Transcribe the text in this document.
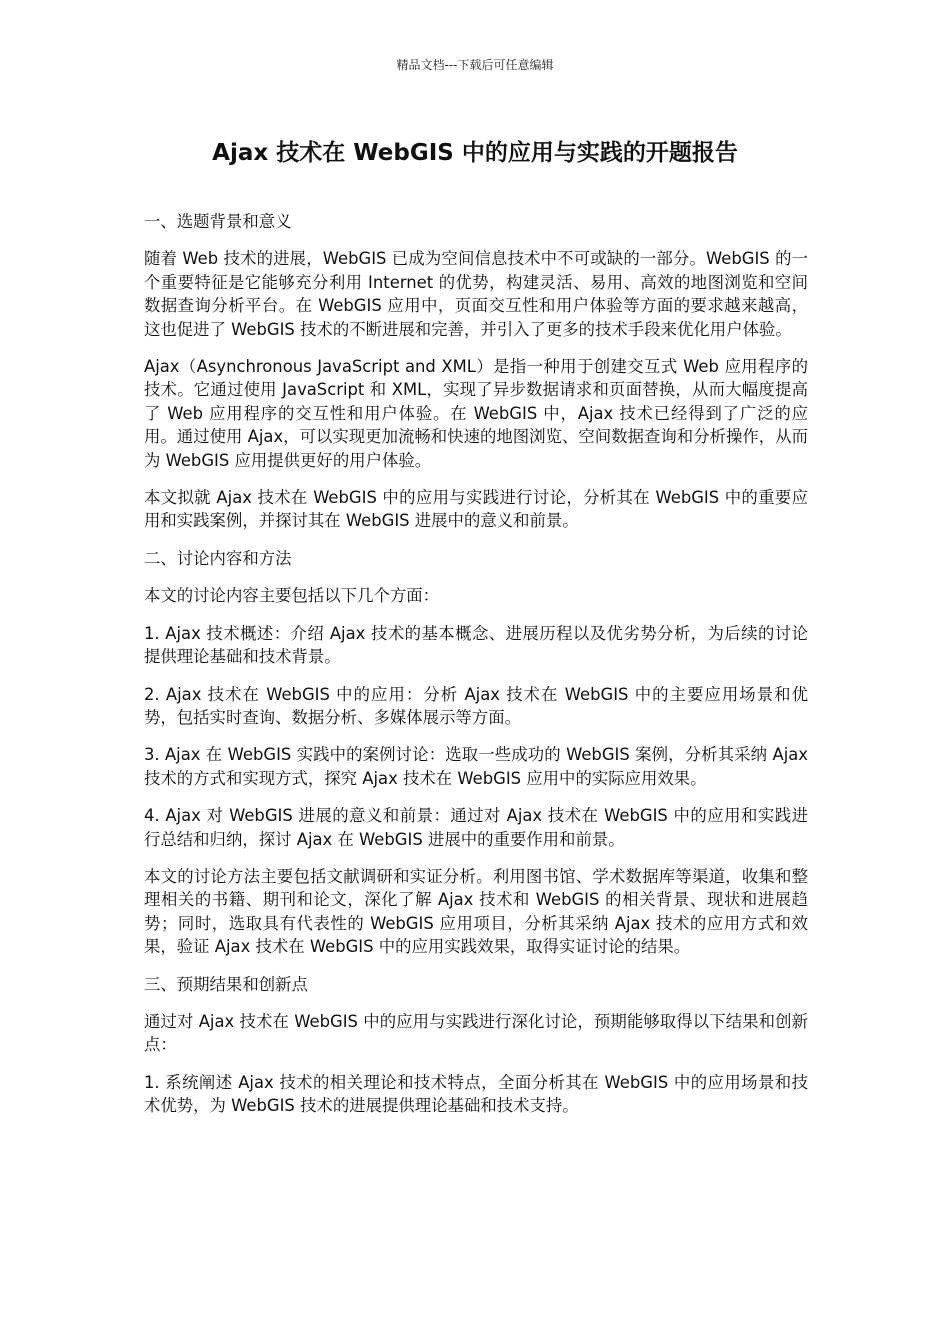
精品文档---下载后可任意编辑
Ajax 技术在 WebGIS 中的应用与实践的开题报告

一、选题背景和意义

随着 Web 技术的进展，WebGIS 已成为空间信息技术中不可或缺的一部分。WebGIS 的一个重要特征是它能够充分利用 Internet 的优势，构建灵活、易用、高效的地图浏览和空间数据查询分析平台。在 WebGIS 应用中，页面交互性和用户体验等方面的要求越来越高，这也促进了 WebGIS 技术的不断进展和完善，并引入了更多的技术手段来优化用户体验。

Ajax（Asynchronous JavaScript and XML）是指一种用于创建交互式 Web 应用程序的技术。它通过使用 JavaScript 和 XML，实现了异步数据请求和页面替换，从而大幅度提高了 Web 应用程序的交互性和用户体验。在 WebGIS 中，Ajax 技术已经得到了广泛的应用。通过使用 Ajax，可以实现更加流畅和快速的地图浏览、空间数据查询和分析操作，从而为 WebGIS 应用提供更好的用户体验。

本文拟就 Ajax 技术在 WebGIS 中的应用与实践进行讨论，分析其在 WebGIS 中的重要应用和实践案例，并探讨其在 WebGIS 进展中的意义和前景。

二、讨论内容和方法

本文的讨论内容主要包括以下几个方面：

1. Ajax 技术概述：介绍 Ajax 技术的基本概念、进展历程以及优劣势分析，为后续的讨论提供理论基础和技术背景。

2. Ajax 技术在 WebGIS 中的应用：分析 Ajax 技术在 WebGIS 中的主要应用场景和优势，包括实时查询、数据分析、多媒体展示等方面。

3. Ajax 在 WebGIS 实践中的案例讨论：选取一些成功的 WebGIS 案例，分析其采纳 Ajax 技术的方式和实现方式，探究 Ajax 技术在 WebGIS 应用中的实际应用效果。

4. Ajax 对 WebGIS 进展的意义和前景：通过对 Ajax 技术在 WebGIS 中的应用和实践进行总结和归纳，探讨 Ajax 在 WebGIS 进展中的重要作用和前景。

本文的讨论方法主要包括文献调研和实证分析。利用图书馆、学术数据库等渠道，收集和整理相关的书籍、期刊和论文，深化了解 Ajax 技术和 WebGIS 的相关背景、现状和进展趋势；同时，选取具有代表性的 WebGIS 应用项目，分析其采纳 Ajax 技术的应用方式和效果，验证 Ajax 技术在 WebGIS 中的应用实践效果，取得实证讨论的结果。

三、预期结果和创新点

通过对 Ajax 技术在 WebGIS 中的应用与实践进行深化讨论，预期能够取得以下结果和创新点：

1. 系统阐述 Ajax 技术的相关理论和技术特点，全面分析其在 WebGIS 中的应用场景和技术优势，为 WebGIS 技术的进展提供理论基础和技术支持。
